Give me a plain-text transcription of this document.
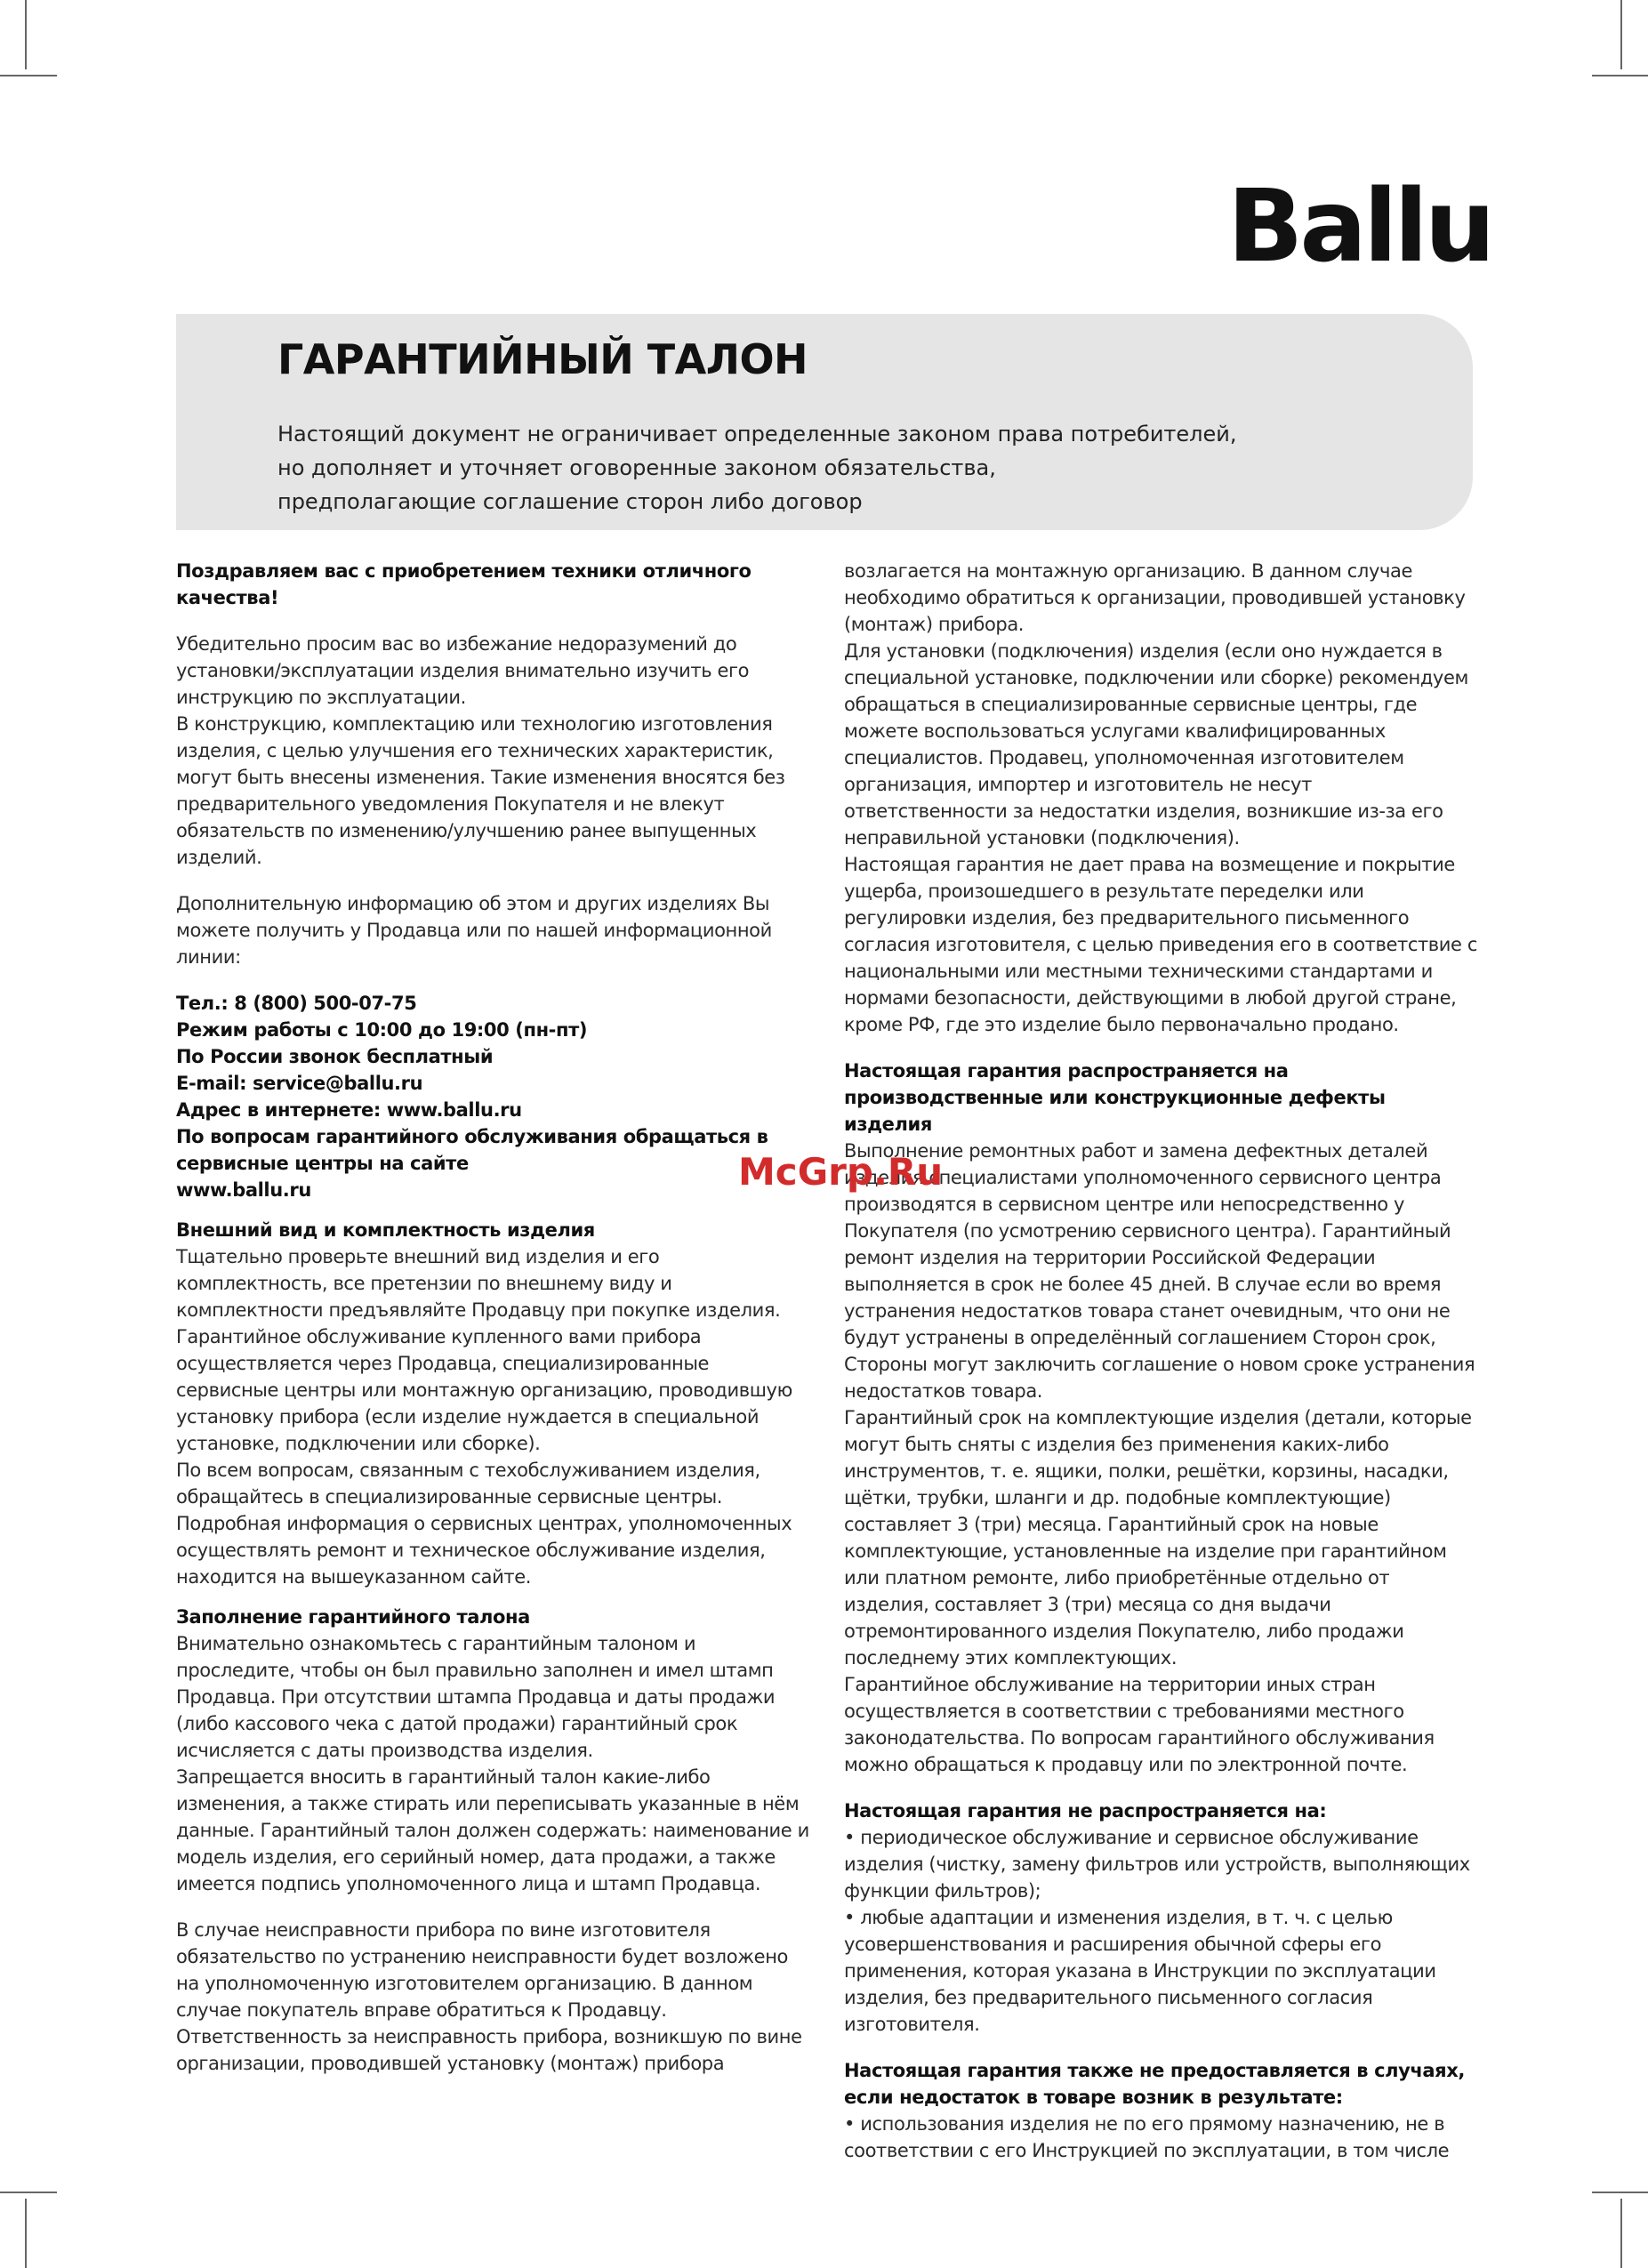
Ballu
ГАРАНТИЙНЫЙ ТАЛОН
Настоящий документ не ограничивает определенные законом права потребителей,
но дополняет и уточняет оговоренные законом обязательства,
предполагающие соглашение сторон либо договор
Поздравляем вас с приобретением техники отличного качества!

Убедительно просим вас во избежание недоразумений до установки/эксплуатации изделия внимательно изучить его инструкцию по эксплуатации.

В конструкцию, комплектацию или технологию изготовления изделия, с целью улучшения его технических характеристик, могут быть внесены изменения. Такие изменения вносятся без предварительного уведомления Покупателя и не влекут обязательств по изменению/улучшению ранее выпущенных изделий.

Дополнительную информацию об этом и других изделиях Вы можете получить у Продавца или по нашей информационной линии:

Тел.: 8 (800) 500-07-75

Режим работы с 10:00 до 19:00 (пн-пт)

По России звонок бесплатный

E-mail: service@ballu.ru

Адрес в интернете: www.ballu.ru

По вопросам гарантийного обслуживания обращаться в сервисные центры на сайте

www.ballu.ru

Внешний вид и комплектность изделия

Тщательно проверьте внешний вид изделия и его комплектность, все претензии по внешнему виду и комплектности предъявляйте Продавцу при покупке изделия. Гарантийное обслуживание купленного вами прибора осуществляется через Продавца, специализированные сервисные центры или монтажную организацию, проводившую установку прибора (если изделие нуждается в специальной установке, подключении или сборке).

По всем вопросам, связанным с техобслуживанием изделия, обращайтесь в специализированные сервисные центры.

Подробная информация о сервисных центрах, уполномоченных осуществлять ремонт и техническое обслуживание изделия, находится на вышеуказанном сайте.

Заполнение гарантийного талона

Внимательно ознакомьтесь с гарантийным талоном и проследите, чтобы он был правильно заполнен и имел штамп Продавца. При отсутствии штампа Продавца и даты продажи (либо кассового чека с датой продажи) гарантийный срок исчисляется с даты производства изделия.

Запрещается вносить в гарантийный талон какие-либо изменения, а также стирать или переписывать указанные в нём данные. Гарантийный талон должен содержать: наименование и модель изделия, его серийный номер, дата продажи, а также имеется подпись уполномоченного лица и штамп Продавца.

В случае неисправности прибора по вине изготовителя обязательство по устранению неисправности будет возложено на уполномоченную изготовителем организацию. В данном случае покупатель вправе обратиться к Продавцу.

Ответственность за неисправность прибора, возникшую по вине организации, проводившей установку (монтаж) прибора

возлагается на монтажную организацию. В данном случае необходимо обратиться к организации, проводившей установку (монтаж) прибора.

Для установки (подключения) изделия (если оно нуждается в специальной установке, подключении или сборке) рекомендуем обращаться в специализированные сервисные центры, где можете воспользоваться услугами квалифицированных специалистов. Продавец, уполномоченная изготовителем организация, импортер и изготовитель не несут ответственности за недостатки изделия, возникшие из-за его неправильной установки (подключения).

Настоящая гарантия не дает права на возмещение и покрытие ущерба, произошедшего в результате переделки или регулировки изделия, без предварительного письменного согласия изготовителя, с целью приведения его в соответствие с национальными или местными техническими стандартами и нормами безопасности, действующими в любой другой стране, кроме РФ, где это изделие было первоначально продано.

Настоящая гарантия распространяется на производственные или конструкционные дефекты изделия

Выполнение ремонтных работ и замена дефектных деталей изделия специалистами уполномоченного сервисного центра производятся в сервисном центре или непосредственно у Покупателя (по усмотрению сервисного центра). Гарантийный ремонт изделия на территории Российской Федерации выполняется в срок не более 45 дней. В случае если во время устранения недостатков товара станет очевидным, что они не будут устранены в определённый соглашением Сторон срок, Стороны могут заключить соглашение о новом сроке устранения недостатков товара.

Гарантийный срок на комплектующие изделия (детали, которые могут быть сняты с изделия без применения каких-либо инструментов, т. е. ящики, полки, решётки, корзины, насадки, щётки, трубки, шланги и др. подобные комплектующие) составляет 3 (три) месяца. Гарантийный срок на новые комплектующие, установленные на изделие при гарантийном или платном ремонте, либо приобретённые отдельно от изделия, составляет 3 (три) месяца со дня выдачи отремонтированного изделия Покупателю, либо продажи последнему этих комплектующих.

Гарантийное обслуживание на территории иных стран осуществляется в соответствии с требованиями местного законодательства. По вопросам гарантийного обслуживания можно обращаться к продавцу или по электронной почте.

Настоящая гарантия не распространяется на:

• периодическое обслуживание и сервисное обслуживание изделия (чистку, замену фильтров или устройств, выполняющих функции фильтров);

• любые адаптации и изменения изделия, в т. ч. с целью усовершенствования и расширения обычной сферы его применения, которая указана в Инструкции по эксплуатации изделия, без предварительного письменного согласия изготовителя.

Настоящая гарантия также не предоставляется в случаях, если недостаток в товаре возник в результате:

• использования изделия не по его прямому назначению, не в соответствии с его Инструкцией по эксплуатации, в том числе

McGrp.Ru
